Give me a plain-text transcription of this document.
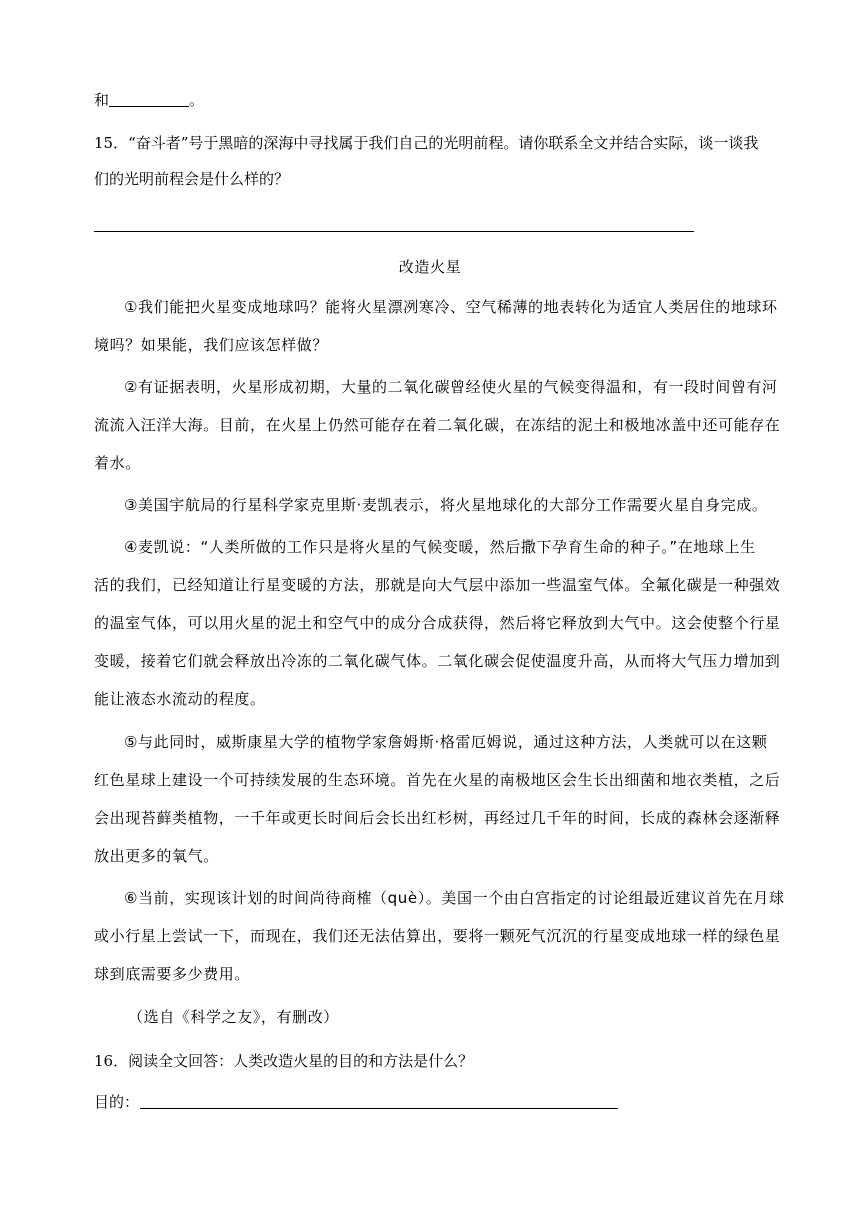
和	。
15．“奋斗者”号于黑暗的深海中寻找属于我们自己的光明前程。请你联系全文并结合实际，谈一谈我
们的光明前程会是什么样的？
改造火星
①我们能把火星变成地球吗？能将火星漂冽寒冷、空气稀薄的地表转化为适宜人类居住的地球环
境吗？如果能，我们应该怎样做？
②有证据表明，火星形成初期，大量的二氧化碳曾经使火星的气候变得温和，有一段时间曾有河
流流入汪洋大海。目前，在火星上仍然可能存在着二氧化碳，在冻结的泥土和极地冰盖中还可能存在
着水。
③美国宇航局的行星科学家克里斯·麦凯表示，将火星地球化的大部分工作需要火星自身完成。
④麦凯说：“人类所做的工作只是将火星的气候变暖，然后撒下孕育生命的种子。”在地球上生
活的我们，已经知道让行星变暖的方法，那就是向大气层中添加一些温室气体。全氟化碳是一种强效
的温室气体，可以用火星的泥土和空气中的成分合成获得，然后将它释放到大气中。这会使整个行星
变暖，接着它们就会释放出冷冻的二氧化碳气体。二氧化碳会促使温度升高，从而将大气压力增加到
能让液态水流动的程度。
⑤与此同时，威斯康星大学的植物学家詹姆斯·格雷厄姆说，通过这种方法，人类就可以在这颗
红色星球上建设一个可持续发展的生态环境。首先在火星的南极地区会生长出细菌和地衣类植，之后
会出现苔藓类植物，一千年或更长时间后会长出红杉树，再经过几千年的时间，长成的森林会逐渐释
放出更多的氧气。
⑥当前，实现该计划的时间尚待商榷（què）。美国一个由白宫指定的讨论组最近建议首先在月球
或小行星上尝试一下，而现在，我们还无法估算出，要将一颗死气沉沉的行星变成地球一样的绿色星
球到底需要多少费用。
（选自《科学之友》，有删改）
16．阅读全文回答：人类改造火星的目的和方法是什么？
目的：
